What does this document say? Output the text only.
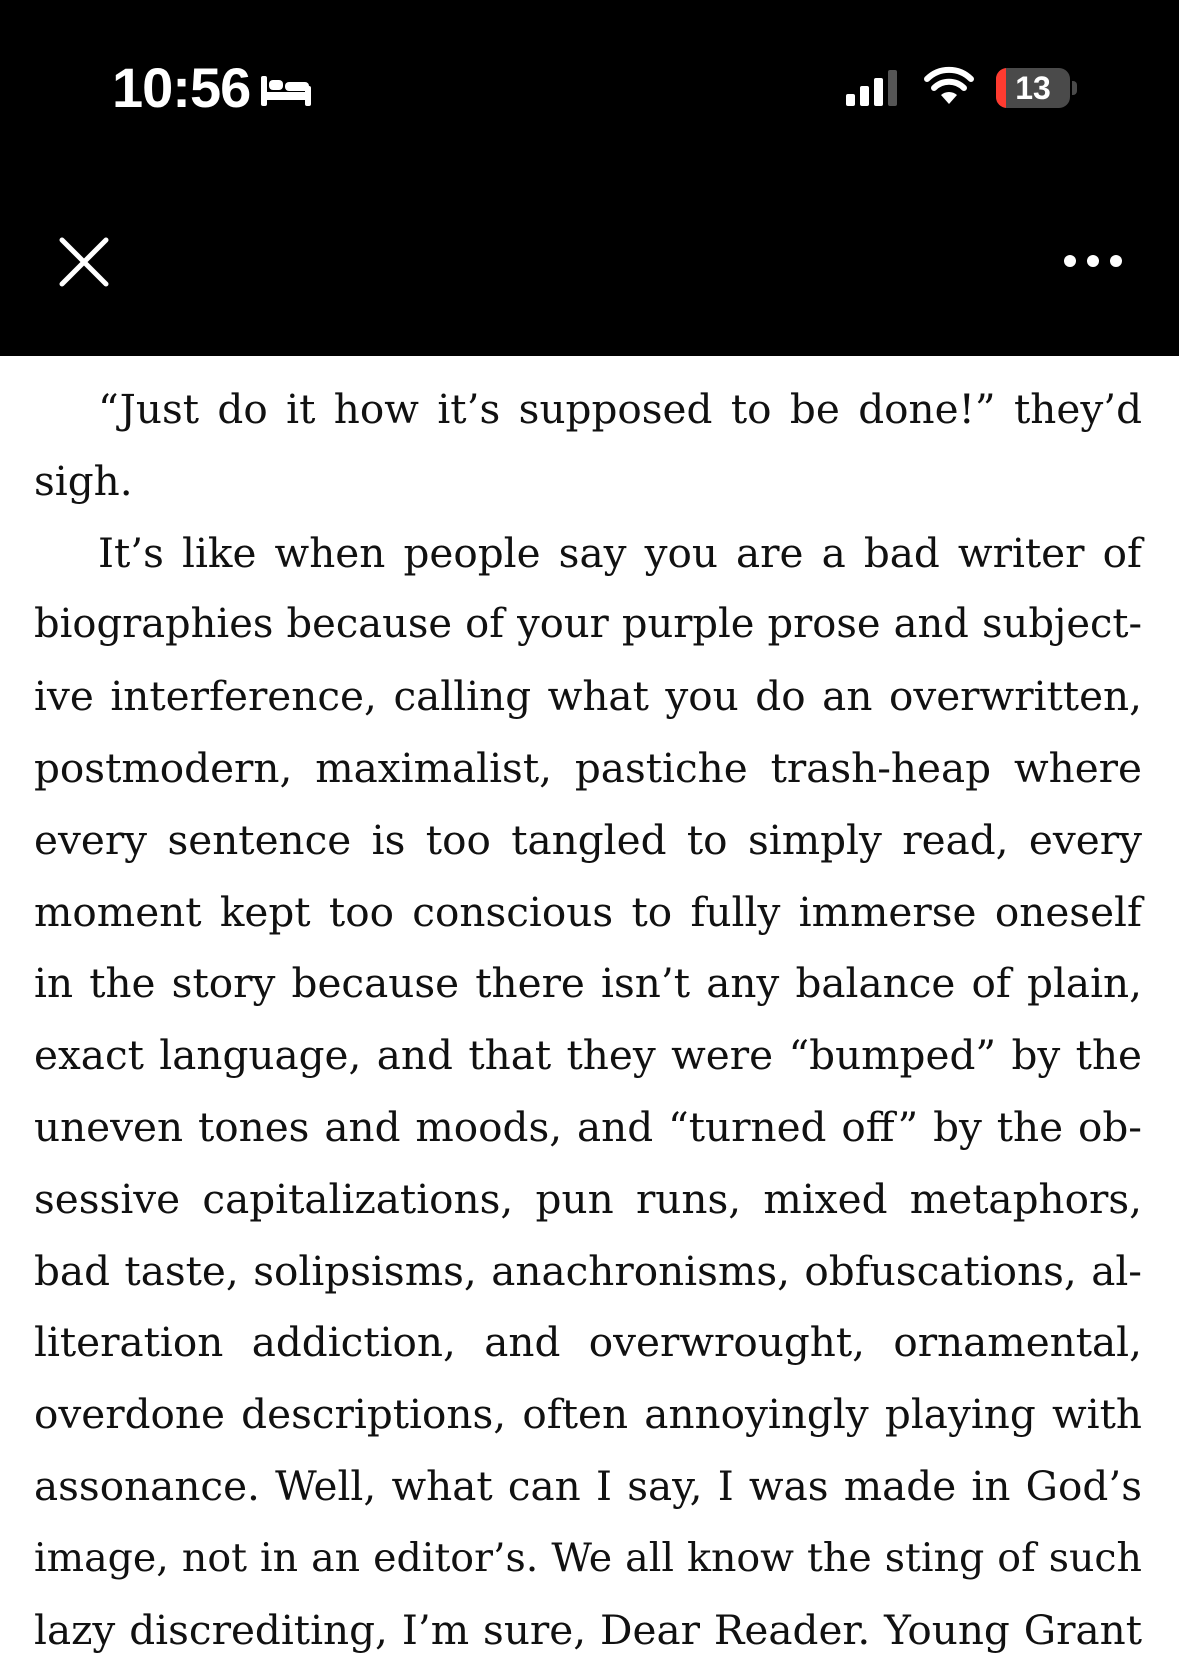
10:56	13
“Just do it how it’s supposed to be done!” they’d
sigh.
It’s like when people say you are a bad writer of
biographies because of your purple prose and subject-
ive interference, calling what you do an overwritten,
postmodern, maximalist, pastiche trash-heap where
every sentence is too tangled to simply read, every
moment kept too conscious to fully immerse oneself
in the story because there isn’t any balance of plain,
exact language, and that they were “bumped” by the
uneven tones and moods, and “turned off” by the ob-
sessive capitalizations, pun runs, mixed metaphors,
bad taste, solipsisms, anachronisms, obfuscations, al-
literation addiction, and overwrought, ornamental,
overdone descriptions, often annoyingly playing with
assonance. Well, what can I say, I was made in God’s
image, not in an editor’s. We all know the sting of such
lazy discrediting, I’m sure, Dear Reader. Young Grant
